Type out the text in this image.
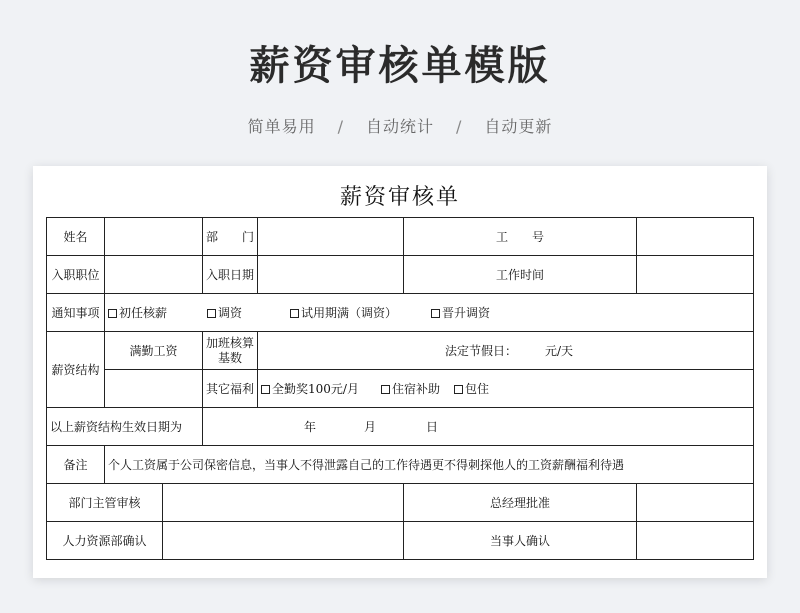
薪资审核单模版
简单易用 / 自动统计 / 自动更新
薪资审核单
姓名			部　　门		工　　号	
入职职位			入职日期		工作时间	
通知事项	初任核薪 调资 试用期满（调资） 晋升调资					
薪资结构	满勤工资		加班核算基数	法定节假日： 元/天		
			其它福利	全勤奖100元/月 住宿补助 包住		
以上薪资结构生效日期为			年 月 日			
备注	个人工资属于公司保密信息，当事人不得泄露自己的工作待遇更不得刺探他人的工资薪酬福利待遇					
部门主管审核					总经理批准	
人力资源部确认					当事人确认	
